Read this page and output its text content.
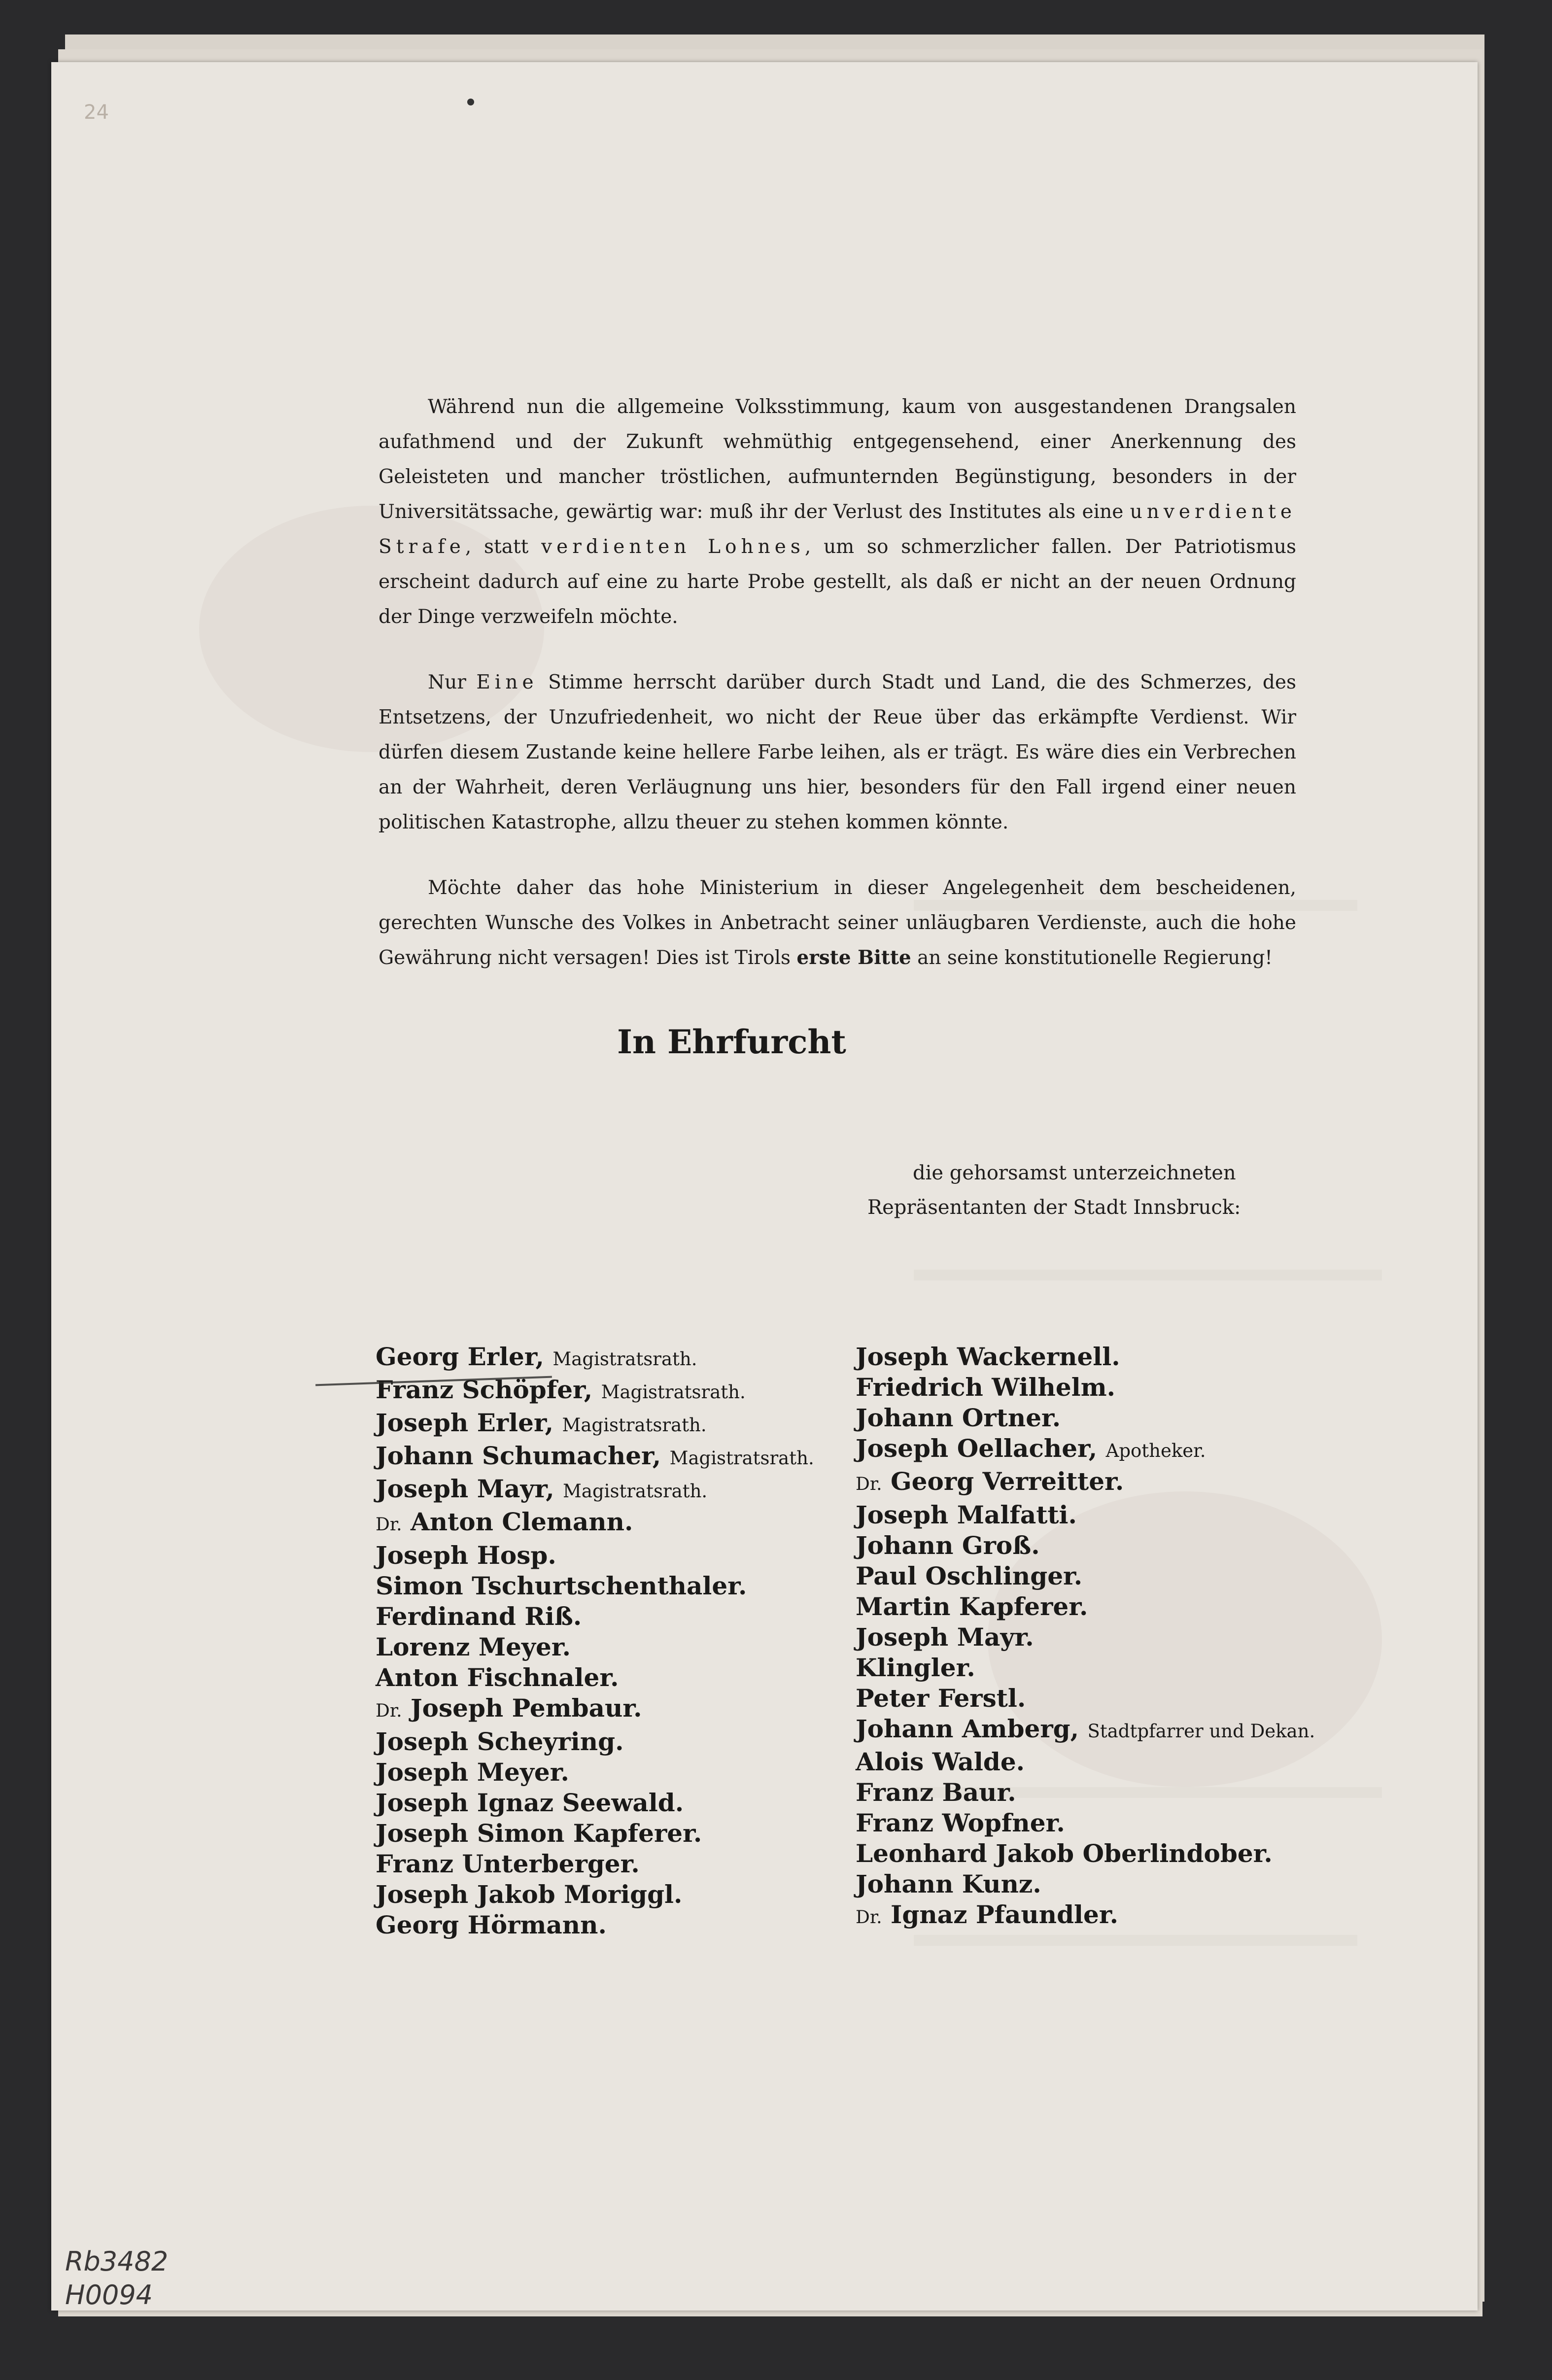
24

Während nun die allgemeine Volksstimmung, kaum von ausgestandenen Drangsalen aufathmend und der Zukunft wehmüthig entgegensehend, einer Anerkennung des Geleisteten und mancher tröstlichen, aufmunternden Begünstigung, besonders in der Universitätssache, gewärtig war: muß ihr der Verlust des Institutes als eine unverdiente Strafe, statt verdienten Lohnes, um so schmerzlicher fallen. Der Patriotismus erscheint dadurch auf eine zu harte Probe gestellt, als daß er nicht an der neuen Ordnung der Dinge verzweifeln möchte.

Nur Eine Stimme herrscht darüber durch Stadt und Land, die des Schmerzes, des Entsetzens, der Unzufriedenheit, wo nicht der Reue über das erkämpfte Verdienst. Wir dürfen diesem Zustande keine hellere Farbe leihen, als er trägt. Es wäre dies ein Verbrechen an der Wahrheit, deren Verläugnung uns hier, besonders für den Fall irgend einer neuen politischen Katastrophe, allzu theuer zu stehen kommen könnte.

Möchte daher das hohe Ministerium in dieser Angelegenheit dem bescheidenen, gerechten Wunsche des Volkes in Anbetracht seiner unläugbaren Verdienste, auch die hohe Gewährung nicht versagen! Dies ist Tirols erste Bitte an seine konstitutionelle Regierung!

In Ehrfurcht
die gehorsamst unterzeichneten
Repräsentanten der Stadt Innsbruck:
Georg Erler, Magistratsrath.
Franz Schöpfer, Magistratsrath.
Joseph Erler, Magistratsrath.
Johann Schumacher, Magistratsrath.
Joseph Mayr, Magistratsrath.
Dr. Anton Clemann.
Joseph Hosp.
Simon Tschurtschenthaler.
Ferdinand Riß.
Lorenz Meyer.
Anton Fischnaler.
Dr. Joseph Pembaur.
Joseph Scheyring.
Joseph Meyer.
Joseph Ignaz Seewald.
Joseph Simon Kapferer.
Franz Unterberger.
Joseph Jakob Moriggl.
Georg Hörmann.
Joseph Wackernell.
Friedrich Wilhelm.
Johann Ortner.
Joseph Oellacher, Apotheker.
Dr. Georg Verreitter.
Joseph Malfatti.
Johann Groß.
Paul Oschlinger.
Martin Kapferer.
Joseph Mayr.
Klingler.
Peter Ferstl.
Johann Amberg, Stadtpfarrer und Dekan.
Alois Walde.
Franz Baur.
Franz Wopfner.
Leonhard Jakob Oberlindober.
Johann Kunz.
Dr. Ignaz Pfaundler.
Rb3482
H0094
